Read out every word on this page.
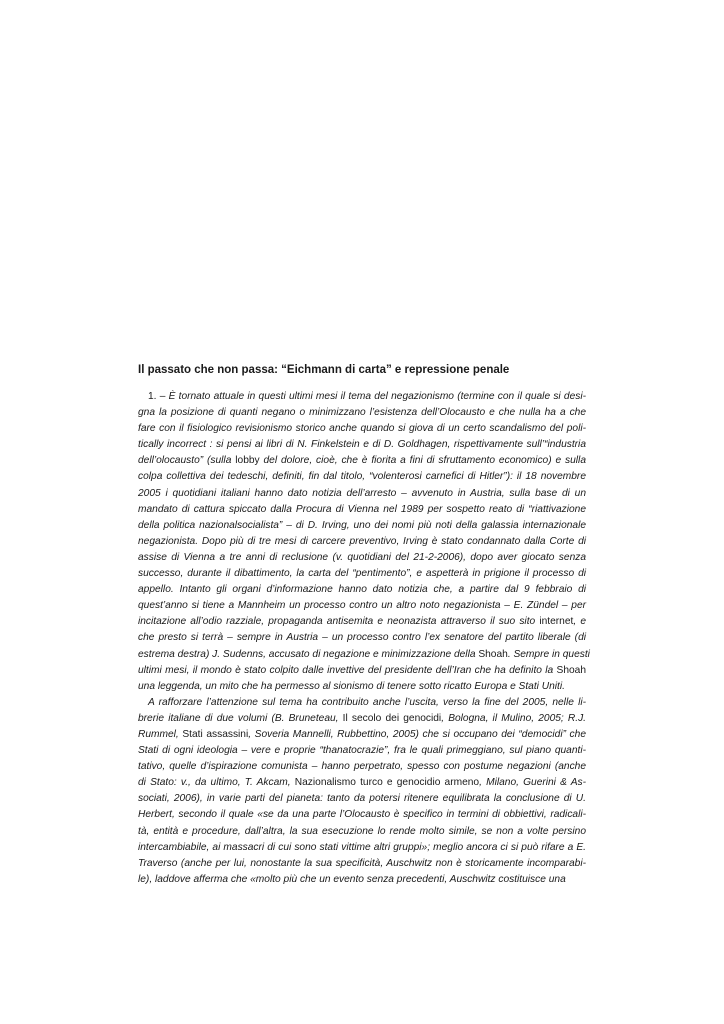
Il passato che non passa: “Eichmann di carta” e repressione penale
1. – È tornato attuale in questi ultimi mesi il tema del negazionismo (termine con il quale si desi-
gna la posizione di quanti negano o minimizzano l’esistenza dell’Olocausto e che nulla ha a che
fare con il fisiologico revisionismo storico anche quando si giova di un certo scandalismo del poli-
tically incorrect : si pensi ai libri di N. Finkelstein e di D. Goldhagen, rispettivamente sull’“industria
dell’olocausto” (sulla lobby del dolore, cioè, che è fiorita a fini di sfruttamento economico) e sulla
colpa collettiva dei tedeschi, definiti, fin dal titolo, “volenterosi carnefici di Hitler”): il 18 novembre
2005 i quotidiani italiani hanno dato notizia dell’arresto – avvenuto in Austria, sulla base di un
mandato di cattura spiccato dalla Procura di Vienna nel 1989 per sospetto reato di “riattivazione
della politica nazionalsocialista” – di D. Irving, uno dei nomi più noti della galassia internazionale
negazionista. Dopo più di tre mesi di carcere preventivo, Irving è stato condannato dalla Corte di
assise di Vienna a tre anni di reclusione (v. quotidiani del 21-2-2006), dopo aver giocato senza
successo, durante il dibattimento, la carta del “pentimento”, e aspetterà in prigione il processo di
appello. Intanto gli organi d’informazione hanno dato notizia che, a partire dal 9 febbraio di
quest’anno si tiene a Mannheim un processo contro un altro noto negazionista – E. Zündel – per
incitazione all’odio razziale, propaganda antisemita e neonazista attraverso il suo sito internet, e
che presto si terrà – sempre in Austria – un processo contro l’ex senatore del partito liberale (di
estrema destra) J. Sudenns, accusato di negazione e minimizzazione della Shoah. Sempre in questi
ultimi mesi, il mondo è stato colpito dalle invettive del presidente dell’Iran che ha definito la Shoah
una leggenda, un mito che ha permesso al sionismo di tenere sotto ricatto Europa e Stati Uniti.
A rafforzare l’attenzione sul tema ha contribuito anche l’uscita, verso la fine del 2005, nelle li-
brerie italiane di due volumi (B. Bruneteau, Il secolo dei genocidi, Bologna, il Mulino, 2005; R.J.
Rummel, Stati assassini, Soveria Mannelli, Rubbettino, 2005) che si occupano dei “democidi” che
Stati di ogni ideologia – vere e proprie “thanatocrazie”, fra le quali primeggiano, sul piano quanti-
tativo, quelle d’ispirazione comunista – hanno perpetrato, spesso con postume negazioni (anche
di Stato: v., da ultimo, T. Akcam, Nazionalismo turco e genocidio armeno, Milano, Guerini & As-
sociati, 2006), in varie parti del pianeta: tanto da potersi ritenere equilibrata la conclusione di U.
Herbert, secondo il quale «se da una parte l’Olocausto è specifico in termini di obbiettivi, radicali-
tà, entità e procedure, dall’altra, la sua esecuzione lo rende molto simile, se non a volte persino
intercambiabile, ai massacri di cui sono stati vittime altri gruppi»; meglio ancora ci si può rifare a E.
Traverso (anche per lui, nonostante la sua specificità, Auschwitz non è storicamente incomparabi-
le), laddove afferma che «molto più che un evento senza precedenti, Auschwitz costituisce una
